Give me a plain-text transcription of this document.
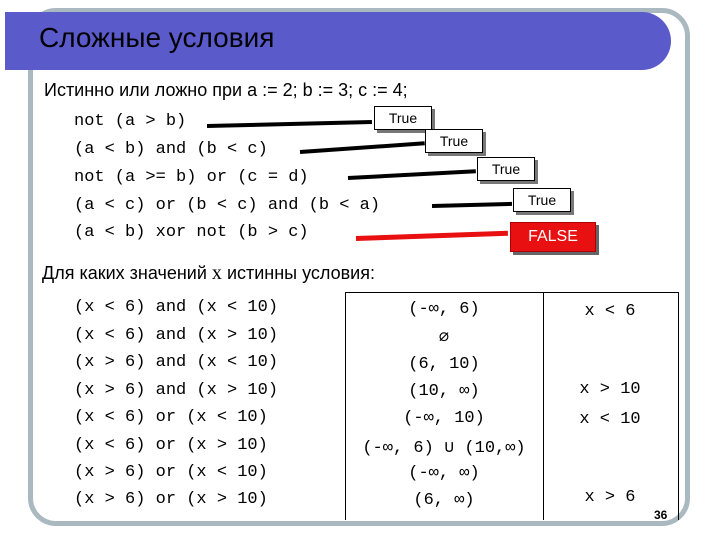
Сложные условия
Истинно или ложно при a := 2; b := 3; c := 4;
not (a > b)
(a < b) and (b < c)
not (a >= b) or (c = d)
(a < c) or (b < c) and (b < a)
(a < b) xor not (b > c)
True
True
True
True
FALSE
Для каких значений x истинны условия:
(x < 6) and (x < 10)
(x < 6) and (x > 10)
(x > 6) and (x < 10)
(x > 6) and (x > 10)
(x < 6) or (x < 10)
(x < 6) or (x > 10)
(x > 6) or (x < 10)
(x > 6) or (x > 10)
(-∞, 6)
∅
(6, 10)
(10, ∞)
(-∞, 10)
(-∞, 6) ∪ (10,∞)
(-∞, ∞)
(6, ∞)
x < 6
x > 10
x < 10
x > 6
36
